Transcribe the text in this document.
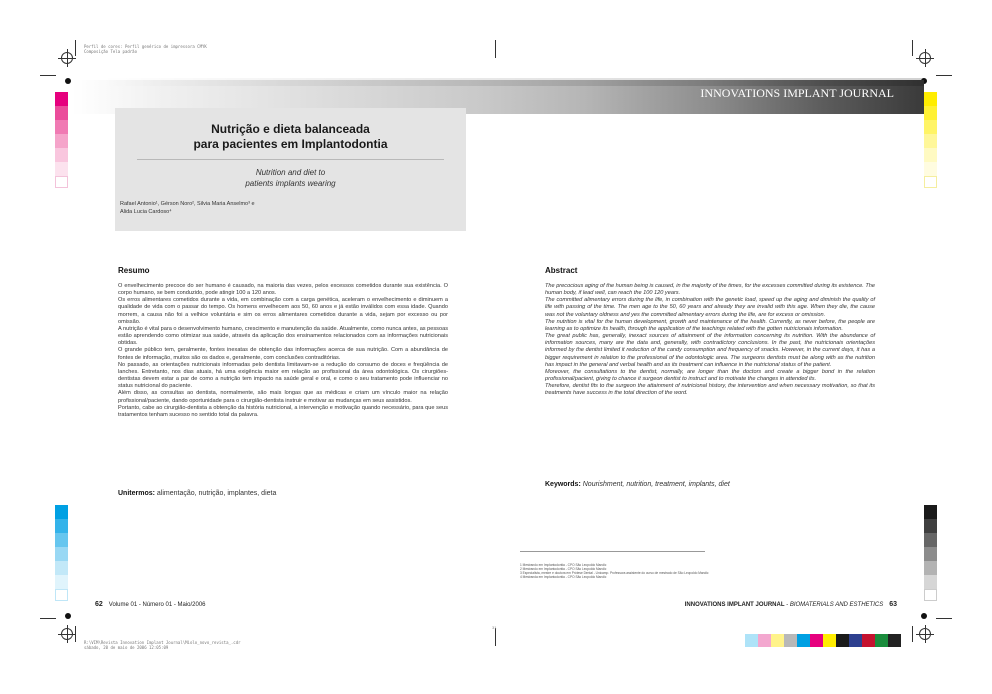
Perfil de cores: Perfil genérico de impressora CMYK
Composição Tela padrão
R:\VIM\Revista Innovation Implant Journal\Miolo_novo_revista_.cdr
sábado, 20 de maio de 2006 12:05:09
INNOVATIONS IMPLANT JOURNAL
Nutrição e dieta balanceada
para pacientes em Implantodontia
Nutrition and diet to
patients implants wearing
Rafael Antonio¹, Gérson Noro², Silvia Maria Anselmo³ e
Alida Lucia Cardoso⁴
Resumo

O envelhecimento precoce do ser humano é causado, na maioria das vezes, pelos excessos cometidos durante sua existência. O corpo humano, se bem conduzido, pode atingir 100 a 120 anos.

Os erros alimentares cometidos durante a vida, em combinação com a carga genética, aceleram o envelhecimento e diminuem a qualidade de vida com o passar do tempo. Os homens envelhecem aos 50, 60 anos e já estão inválidos com essa idade. Quando morrem, a causa não foi a velhice voluntária e sim os erros alimentares cometidos durante a vida, sejam por excesso ou por omissão.

A nutrição é vital para o desenvolvimento humano, crescimento e manutenção da saúde. Atualmente, como nunca antes, as pessoas estão aprendendo como otimizar sua saúde, através da aplicação dos ensinamentos relacionados com as informações nutricionais obtidas.

O grande público tem, geralmente, fontes inexatas de obtenção das informações acerca de sua nutrição. Com a abundância de fontes de informação, muitos são os dados e, geralmente, com conclusões contraditórias.

No passado, as orientações nutricionais informadas pelo dentista limitavam-se a redução do consumo de doces e freqüência de lanches. Entretanto, nos dias atuais, há uma exigência maior em relação ao profissional da área odontológica. Os cirurgiões-dentistas devem estar a par de como a nutrição tem impacto na saúde geral e oral, e como o seu tratamento pode influenciar no status nutricional do paciente.

Além disso, as consultas ao dentista, normalmente, são mais longas que as médicas e criam um vínculo maior na relação profissional/paciente, dando oportunidade para o cirurgião-dentista instruir e motivar as mudanças em seus assistidos.

Portanto, cabe ao cirurgião-dentista a obtenção da história nutricional, a intervenção e motivação quando necessário, para que seus tratamentos tenham sucesso no sentido total da palavra.

Unitermos: alimentação, nutrição, implantes, dieta
Abstract

The precocious aging of the human being is caused, in the majority of the times, for the excesses committed during its existence. The human body, if lead well, can reach the 100 120 years.

The committed alimentary errors during the life, in combination with the genetic load, speed up the aging and diminish the quality of life with passing of the time. The men age to the 50, 60 years and already they are invalid with this age. When they die, the cause was not the voluntary oldness and yes the committed alimentary errors during the life, are for excess or omission.

The nutrition is vital for the human development, growth and maintenance of the health. Currently, as never before, the people are learning as to optimize its health, through the application of the teachings related with the gotten nutricionais information.

The great public has, generally, inexact sources of attainment of the information concerning its nutrition. With the abundance of information sources, many are the data and, generally, with contradictory conclusions. In the past, the nutricionais orientações informed by the dentist limited it reduction of the candy consumption and frequency of snacks. However, in the current days, it has a bigger requirement in relation to the professional of the odontologic area. The surgeons dentists must be along with as the nutrition has impact in the general and verbal health and as its treatment can influence in the nutricional status of the patient.

Moreover, the consultations to the dentist, normally, are longer than the doctors and create a bigger bond in the relation profissional/pacient, giving to chance it surgeon dentist to instruct and to motivate the changes in attended its.

Therefore, dentist fits to the surgeon the attainment of nutricional history, the intervention and when necessary motivation, so that its treatments have success in the total direction of the word.

Keywords: Nourishment, nutrition, treatment, implants, diet
1 Mestrando em Implantodontia - CPO São Leopoldo Mandic
2 Mestrando em Implantodontia - CPO São Leopoldo Mandic
3 Especialista, mestre e doutora em Prótese Dental - Unicamp. Professora assistente do curso de mestrado de São Leopoldo Mandic
4 Mestranda em Implantodontia - CPO São Leopoldo Mandic
62 Volume 01 - Número 01 - Maio/2006	INNOVATIONS IMPLANT JOURNAL - BIOMATERIALS AND ESTHETICS 63
31
